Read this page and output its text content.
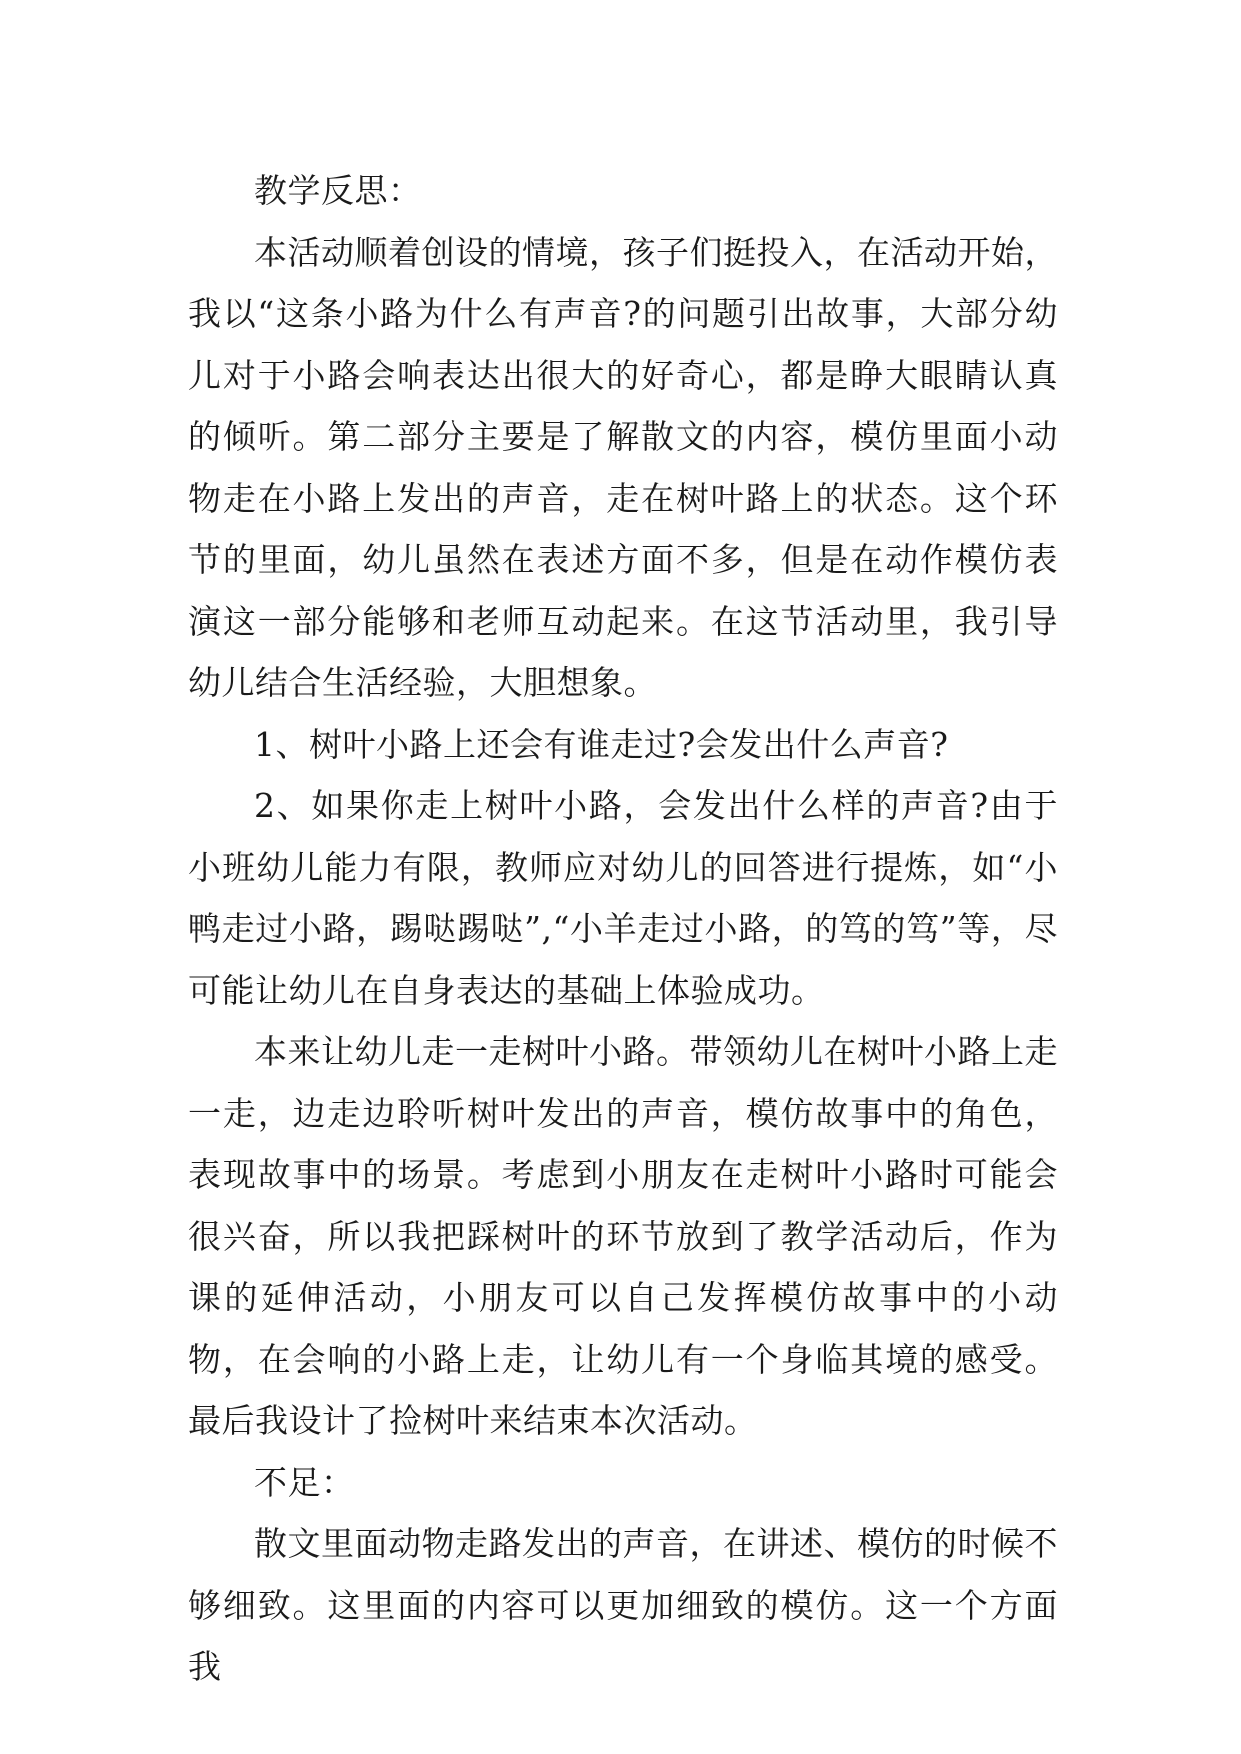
教学反思：

本活动顺着创设的情境，孩子们挺投入，在活动开始，我以“这条小路为什么有声音?的问题引出故事，大部分幼儿对于小路会响表达出很大的好奇心，都是睁大眼睛认真的倾听。第二部分主要是了解散文的内容，模仿里面小动物走在小路上发出的声音，走在树叶路上的状态。这个环节的里面，幼儿虽然在表述方面不多，但是在动作模仿表演这一部分能够和老师互动起来。在这节活动里，我引导幼儿结合生活经验，大胆想象。

1、树叶小路上还会有谁走过?会发出什么声音?

2、如果你走上树叶小路，会发出什么样的声音?由于小班幼儿能力有限，教师应对幼儿的回答进行提炼，如“小鸭走过小路，踢哒踢哒”,“小羊走过小路，的笃的笃”等，尽可能让幼儿在自身表达的基础上体验成功。

本来让幼儿走一走树叶小路。带领幼儿在树叶小路上走一走，边走边聆听树叶发出的声音，模仿故事中的角色，表现故事中的场景。考虑到小朋友在走树叶小路时可能会很兴奋，所以我把踩树叶的环节放到了教学活动后，作为课的延伸活动，小朋友可以自己发挥模仿故事中的小动物，在会响的小路上走，让幼儿有一个身临其境的感受。最后我设计了捡树叶来结束本次活动。

不足：

散文里面动物走路发出的声音，在讲述、模仿的时候不够细致。这里面的内容可以更加细致的模仿。这一个方面我
